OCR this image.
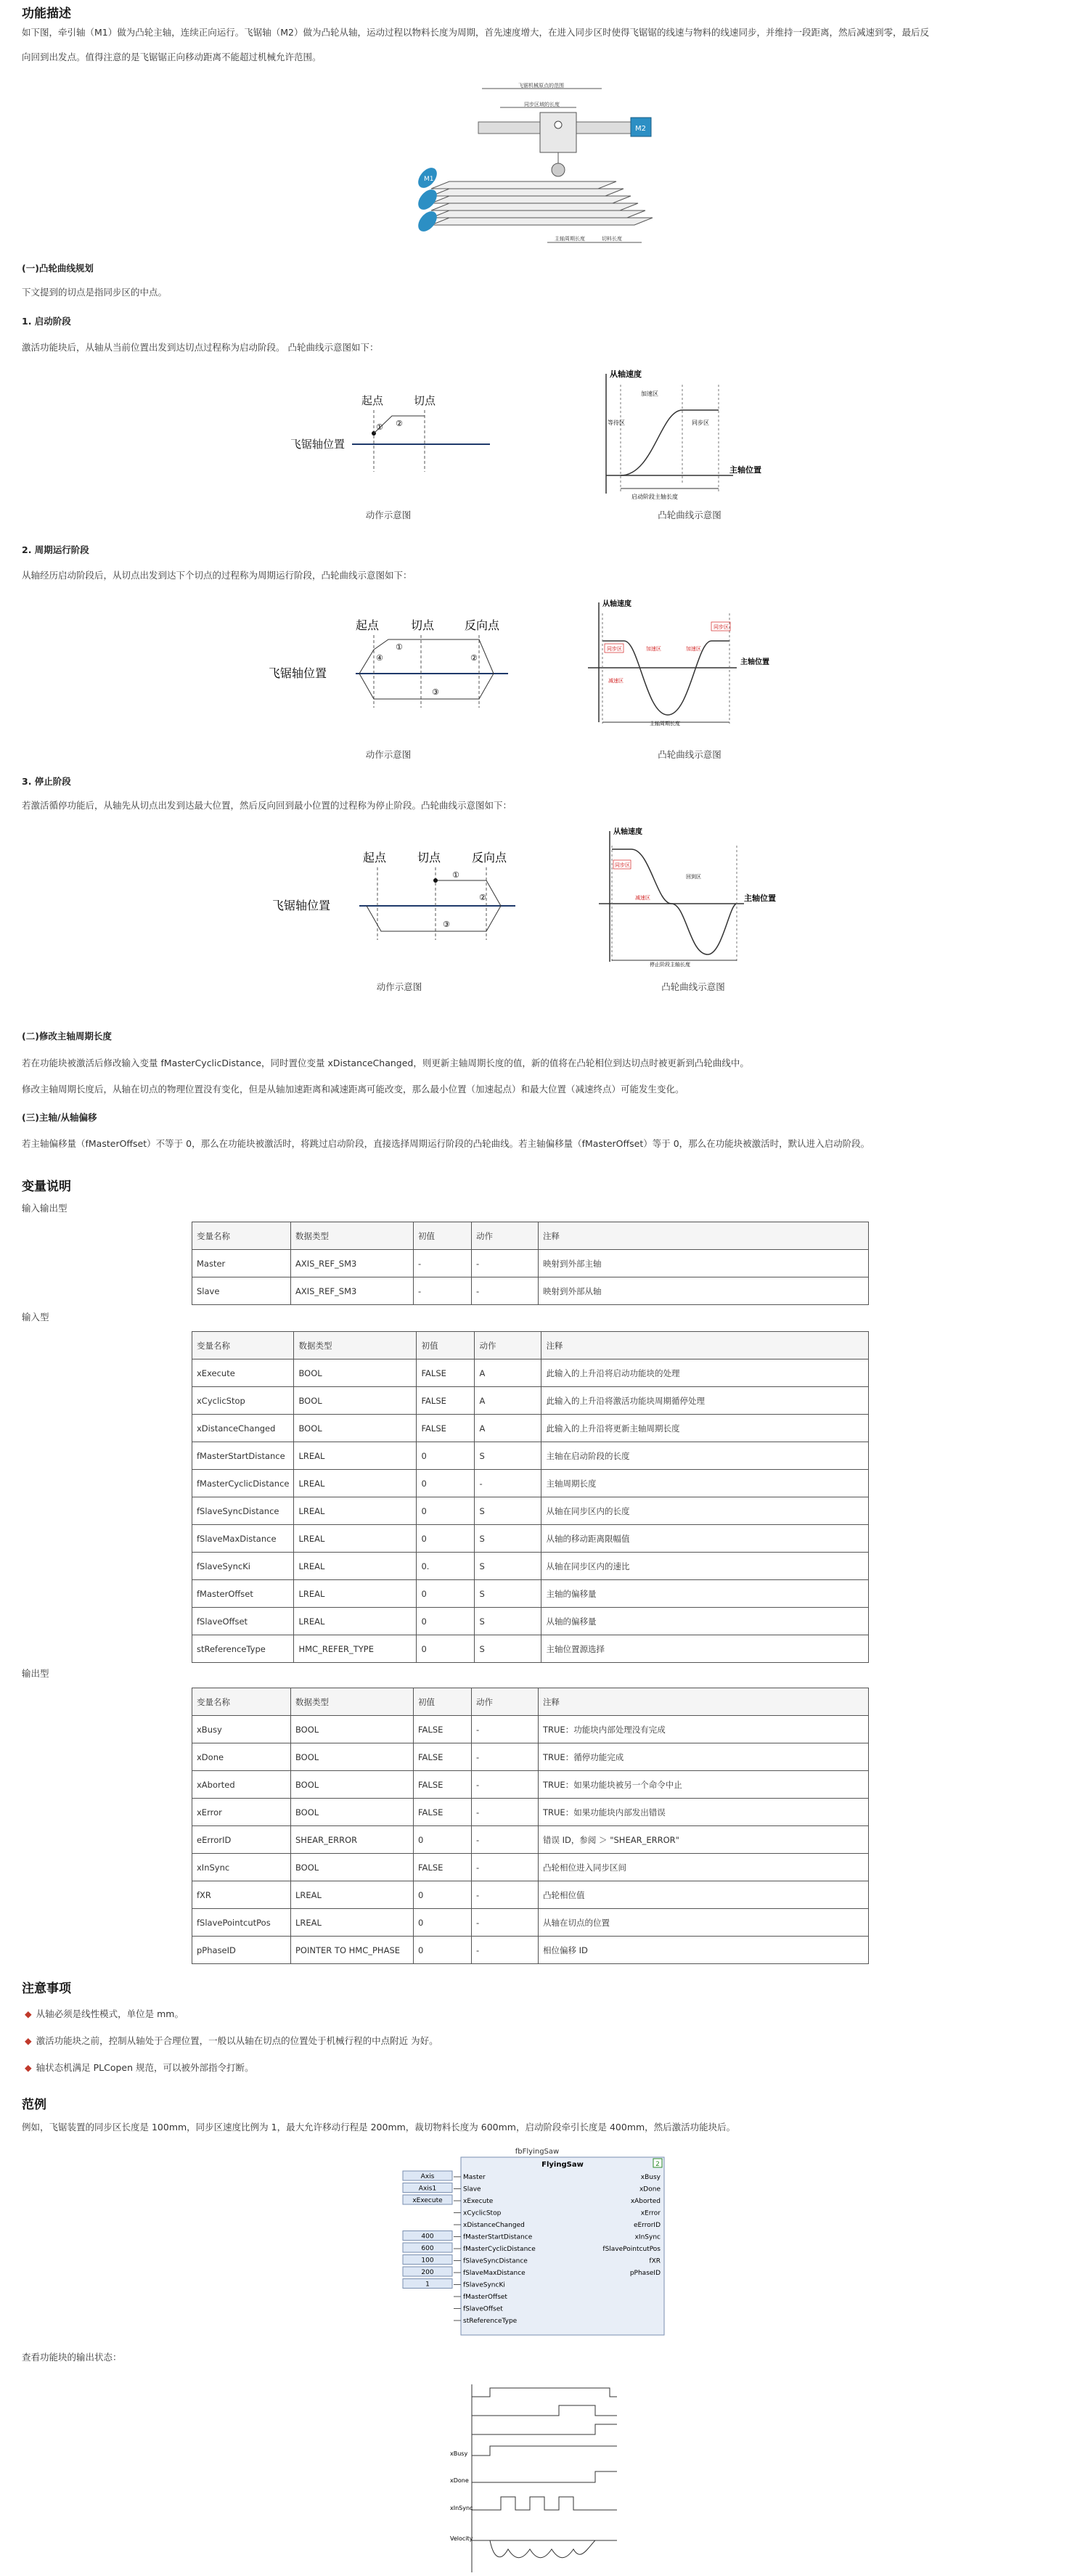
功能描述
如下图，牵引轴（M1）做为凸轮主轴，连续正向运行。飞锯轴（M2）做为凸轮从轴，运动过程以物料长度为周期，首先速度增大，在进入同步区时使得飞锯锯的线速与物料的线速同步，并维持一段距离，然后减速到零，最后反
向回到出发点。值得注意的是飞锯锯正向移动距离不能超过机械允许范围。
飞锯机械原点的范围
同步区域的长度
M2
M1
主轴周期长度	切料长度
(一)凸轮曲线规划
下文提到的切点是指同步区的中点。
1. 启动阶段
激活功能块后，从轴从当前位置出发到达切点过程称为启动阶段。 凸轮曲线示意图如下：
起点	切点
飞锯轴位置
① ②
动作示意图
从轴速度
主轴位置
加速区
等待区	同步区
启动阶段主轴长度
凸轮曲线示意图
2. 周期运行阶段
从轴经历启动阶段后，从切点出发到达下个切点的过程称为周期运行阶段，凸轮曲线示意图如下：
起点	切点	反向点
飞锯轴位置
①
②
③
④
动作示意图
从轴速度
主轴位置
同步区	加速区
减速区
加速区
同步区
主轴周期长度
凸轮曲线示意图
3. 停止阶段
若激活循停功能后，从轴先从切点出发到达最大位置，然后反向回到最小位置的过程称为停止阶段。凸轮曲线示意图如下：
起点	切点	反向点
飞锯轴位置
①
②
③
动作示意图
从轴速度
主轴位置
同步区
减速区
回到区
停止阶段主轴长度
凸轮曲线示意图
(二)修改主轴周期长度
若在功能块被激活后修改输入变量 fMasterCyclicDistance，同时置位变量 xDistanceChanged，则更新主轴周期长度的值，新的值将在凸轮相位到达切点时被更新到凸轮曲线中。
修改主轴周期长度后，从轴在切点的物理位置没有变化，但是从轴加速距离和减速距离可能改变，那么最小位置（加速起点）和最大位置（减速终点）可能发生变化。
(三)主轴/从轴偏移
若主轴偏移量（fMasterOffset）不等于 0，那么在功能块被激活时，将跳过启动阶段，直接选择周期运行阶段的凸轮曲线。若主轴偏移量（fMasterOffset）等于 0，那么在功能块被激活时，默认进入启动阶段。
变量说明
输入输出型
变量名称	数据类型	初值	动作	注释
Master	AXIS_REF_SM3	-	-	映射到外部主轴
Slave	AXIS_REF_SM3	-	-	映射到外部从轴
输入型
变量名称	数据类型	初值	动作	注释
xExecute	BOOL	FALSE	A	此输入的上升沿将启动功能块的处理
xCyclicStop	BOOL	FALSE	A	此输入的上升沿将激活功能块周期循停处理
xDistanceChanged	BOOL	FALSE	A	此输入的上升沿将更新主轴周期长度
fMasterStartDistance	LREAL	0	S	主轴在启动阶段的长度
fMasterCyclicDistance	LREAL	0	-	主轴周期长度
fSlaveSyncDistance	LREAL	0	S	从轴在同步区内的长度
fSlaveMaxDistance	LREAL	0	S	从轴的移动距离限幅值
fSlaveSyncKi	LREAL	0.	S	从轴在同步区内的速比
fMasterOffset	LREAL	0	S	主轴的偏移量
fSlaveOffset	LREAL	0	S	从轴的偏移量
stReferenceType	HMC_REFER_TYPE	0	S	主轴位置源选择
输出型
变量名称	数据类型	初值	动作	注释
xBusy	BOOL	FALSE	-	TRUE：功能块内部处理没有完成
xDone	BOOL	FALSE	-	TRUE：循停功能完成
xAborted	BOOL	FALSE	-	TRUE：如果功能块被另一个命令中止
xError	BOOL	FALSE	-	TRUE：如果功能块内部发出错误
eErrorID	SHEAR_ERROR	0	-	错误 ID，参阅 ＞ "SHEAR_ERROR"
xInSync	BOOL	FALSE	-	凸轮相位进入同步区间
fXR	LREAL	0	-	凸轮相位值
fSlavePointcutPos	LREAL	0	-	从轴在切点的位置
pPhaseID	POINTER TO HMC_PHASE	0	-	相位偏移 ID
注意事项
◆ 从轴必须是线性模式，单位是 mm。
◆ 激活功能块之前，控制从轴处于合理位置，一般以从轴在切点的位置处于机械行程的中点附近 为好。
◆ 轴状态机满足 PLCopen 规范，可以被外部指令打断。
范例
例如，飞锯装置的同步区长度是 100mm，同步区速度比例为 1，最大允许移动行程是 200mm，裁切物料长度为 600mm，启动阶段牵引长度是 400mm，然后激活功能块后。
fbFlyingSaw
FlyingSaw	2
Master
Axis
Slave
Axis1
xExecute
xExecute
xCyclicStop
xDistanceChanged
fMasterStartDistance
400
fMasterCyclicDistance
600
fSlaveSyncDistance
100
fSlaveMaxDistance
200
fSlaveSyncKi
1
fMasterOffset
fSlaveOffset
stReferenceType
xBusy
xDone
xAborted
xError
eErrorID
xInSync
fSlavePointcutPos
fXR
pPhaseID
查看功能块的输出状态：
xBusy
xDone
xInSync
Velocity
